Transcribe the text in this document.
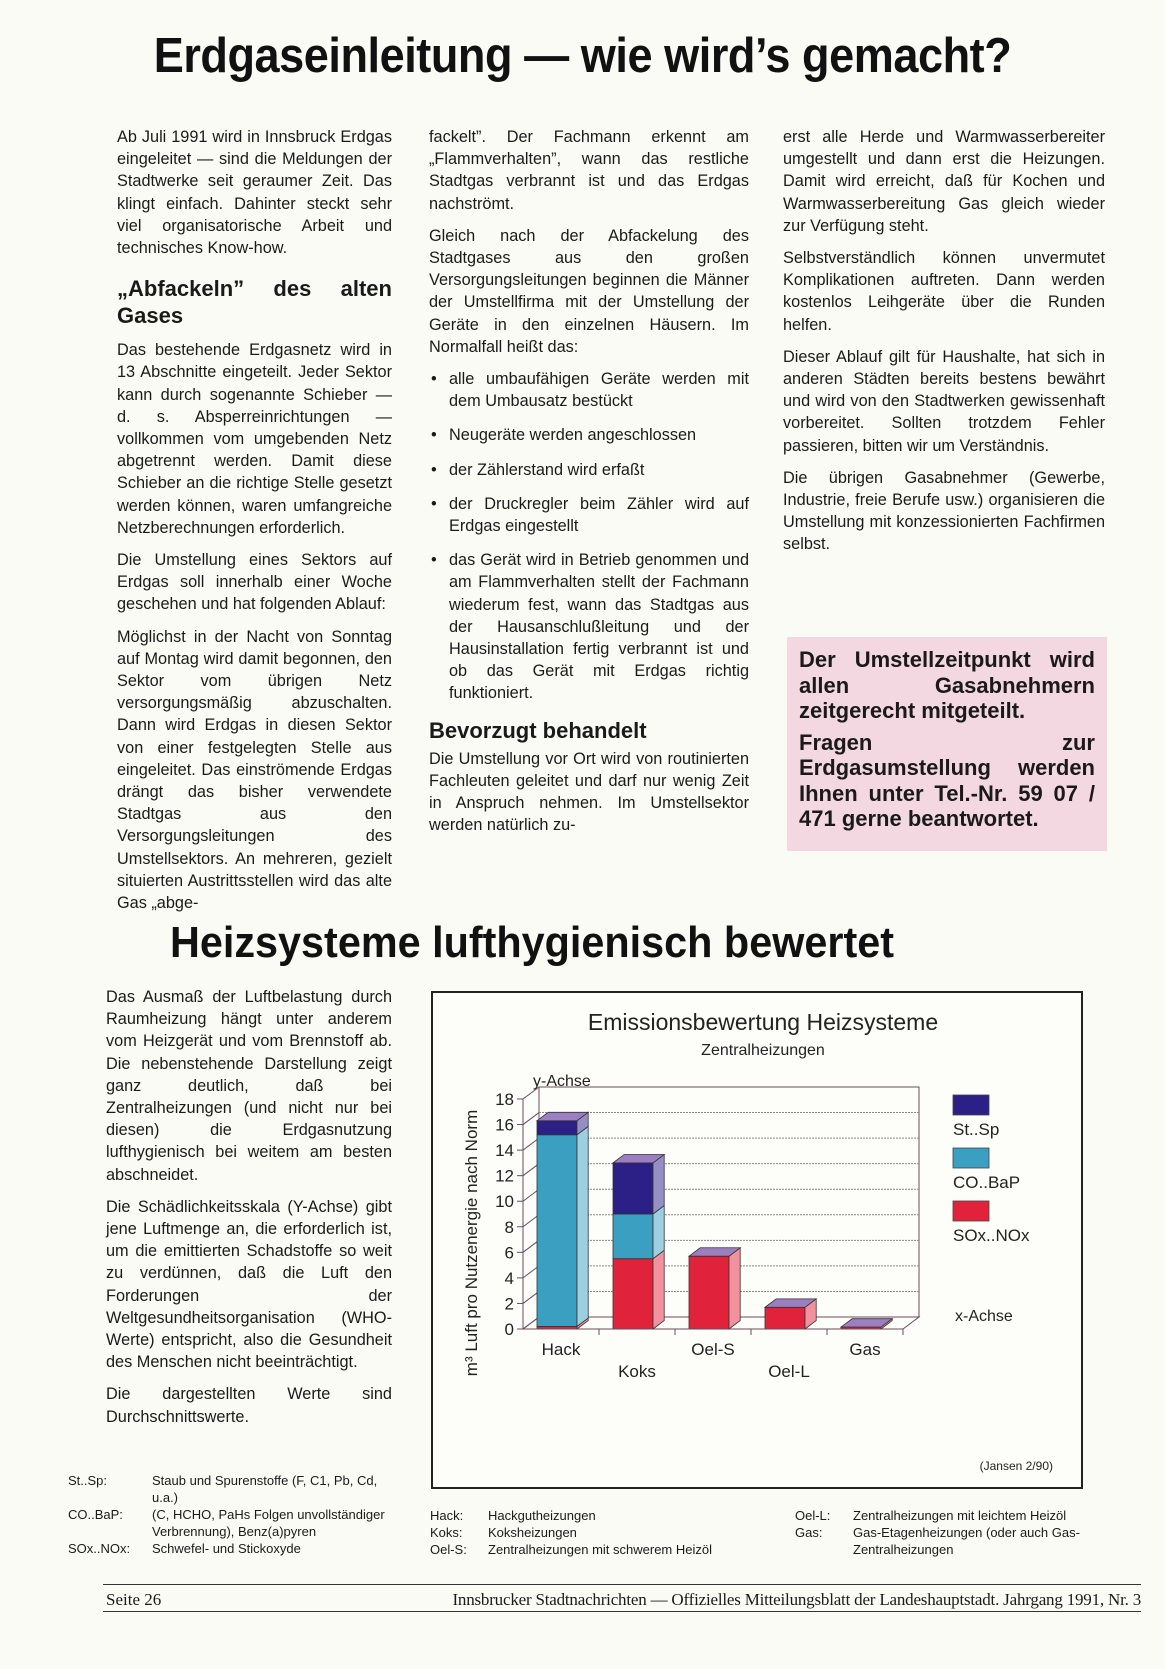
Erdgaseinleitung — wie wird’s gemacht?

Ab Juli 1991 wird in Innsbruck Erdgas eingeleitet — sind die Meldungen der Stadtwerke seit geraumer Zeit. Das klingt einfach. Dahinter steckt sehr viel organisatorische Arbeit und technisches Know-how.

„Abfackeln” des alten Gases

Das bestehende Erdgasnetz wird in 13 Abschnitte eingeteilt. Jeder Sektor kann durch sogenannte Schieber — d. s. Absperreinrichtungen — vollkommen vom umgebenden Netz abgetrennt werden. Damit diese Schieber an die richtige Stelle gesetzt werden können, waren umfangreiche Netzberechnungen erforderlich.

Die Umstellung eines Sektors auf Erdgas soll innerhalb einer Woche geschehen und hat folgenden Ablauf:

Möglichst in der Nacht von Sonntag auf Montag wird damit begonnen, den Sektor vom übrigen Netz versorgungsmäßig abzuschalten. Dann wird Erdgas in diesen Sektor von einer festgelegten Stelle aus eingeleitet. Das einströmende Erdgas drängt das bisher verwendete Stadtgas aus den Versorgungsleitungen des Umstellsektors. An mehreren, gezielt situierten Austrittsstellen wird das alte Gas „abge-

fackelt”. Der Fachmann erkennt am „Flammverhalten”, wann das restliche Stadtgas verbrannt ist und das Erdgas nachströmt.

Gleich nach der Abfackelung des Stadtgases aus den großen Versorgungsleitungen beginnen die Männer der Umstellfirma mit der Umstellung der Geräte in den einzelnen Häusern. Im Normalfall heißt das:

• alle umbaufähigen Geräte werden mit dem Umbausatz bestückt
• Neugeräte werden angeschlossen
• der Zählerstand wird erfaßt
• der Druckregler beim Zähler wird auf Erdgas eingestellt
• das Gerät wird in Betrieb genommen und am Flammverhalten stellt der Fachmann wiederum fest, wann das Stadtgas aus der Hausanschlußleitung und der Hausinstallation fertig verbrannt ist und ob das Gerät mit Erdgas richtig funktioniert.
Bevorzugt behandelt

Die Umstellung vor Ort wird von routinierten Fachleuten geleitet und darf nur wenig Zeit in Anspruch nehmen. Im Umstellsektor werden natürlich zu-

erst alle Herde und Warmwasserbereiter umgestellt und dann erst die Heizungen. Damit wird erreicht, daß für Kochen und Warmwasserbereitung Gas gleich wieder zur Verfügung steht.

Selbstverständlich können unvermutet Komplikationen auftreten. Dann werden kostenlos Leihgeräte über die Runden helfen.

Dieser Ablauf gilt für Haushalte, hat sich in anderen Städten bereits bestens bewährt und wird von den Stadtwerken gewissenhaft vorbereitet. Sollten trotzdem Fehler passieren, bitten wir um Verständnis.

Die übrigen Gasabnehmer (Gewerbe, Industrie, freie Berufe usw.) organisieren die Umstellung mit konzessionierten Fachfirmen selbst.

Der Umstellzeitpunkt wird allen Gasabnehmern zeitgerecht mitgeteilt.

Fragen zur Erdgasumstellung werden Ihnen unter Tel.-Nr. 59 07 / 471 gerne beantwortet.

Heizsysteme lufthygienisch bewertet

Das Ausmaß der Luftbelastung durch Raumheizung hängt unter anderem vom Heizgerät und vom Brennstoff ab. Die nebenstehende Darstellung zeigt ganz deutlich, daß bei Zentralheizungen (und nicht nur bei diesen) die Erdgasnutzung lufthygienisch bei weitem am besten abschneidet.

Die Schädlichkeitsskala (Y-Achse) gibt jene Luftmenge an, die erforderlich ist, um die emittierten Schadstoffe so weit zu verdünnen, daß die Luft den Forderungen der Weltgesundheitsorganisation (WHO-Werte) entspricht, also die Gesundheit des Menschen nicht beeinträchtigt.

Die dargestellten Werte sind Durchschnittswerte.

St..Sp:	Staub und Spurenstoffe (F, C1, Pb, Cd, u.a.)
CO..BaP:	(C, HCHO, PaHs Folgen unvollständiger Verbrennung), Benz(a)pyren
SOx..NOx:	Schwefel- und Stickoxyde
Hack:	Hackgutheizungen
Koks:	Koksheizungen
Oel-S:	Zentralheizungen mit schwerem Heizöl
Oel-L:	Zentralheizungen mit leichtem Heizöl
Gas:	Gas-Etagenheizungen (oder auch Gas-Zentralheizungen
Emissionsbewertung Heizsysteme
Zentralheizungen
y-Achse
m³ Luft pro Nutzenergie nach Norm	x-Achse
(Jansen 2/90)
0
2
4
6
8
10
12
14
16
18
Hack
Koks
Oel-S
Oel-L
Gas
St..Sp
CO..BaP
SOx..NOx
Seite 26	Innsbrucker Stadtnachrichten — Offizielles Mitteilungsblatt der Landeshauptstadt. Jahrgang 1991, Nr. 3
